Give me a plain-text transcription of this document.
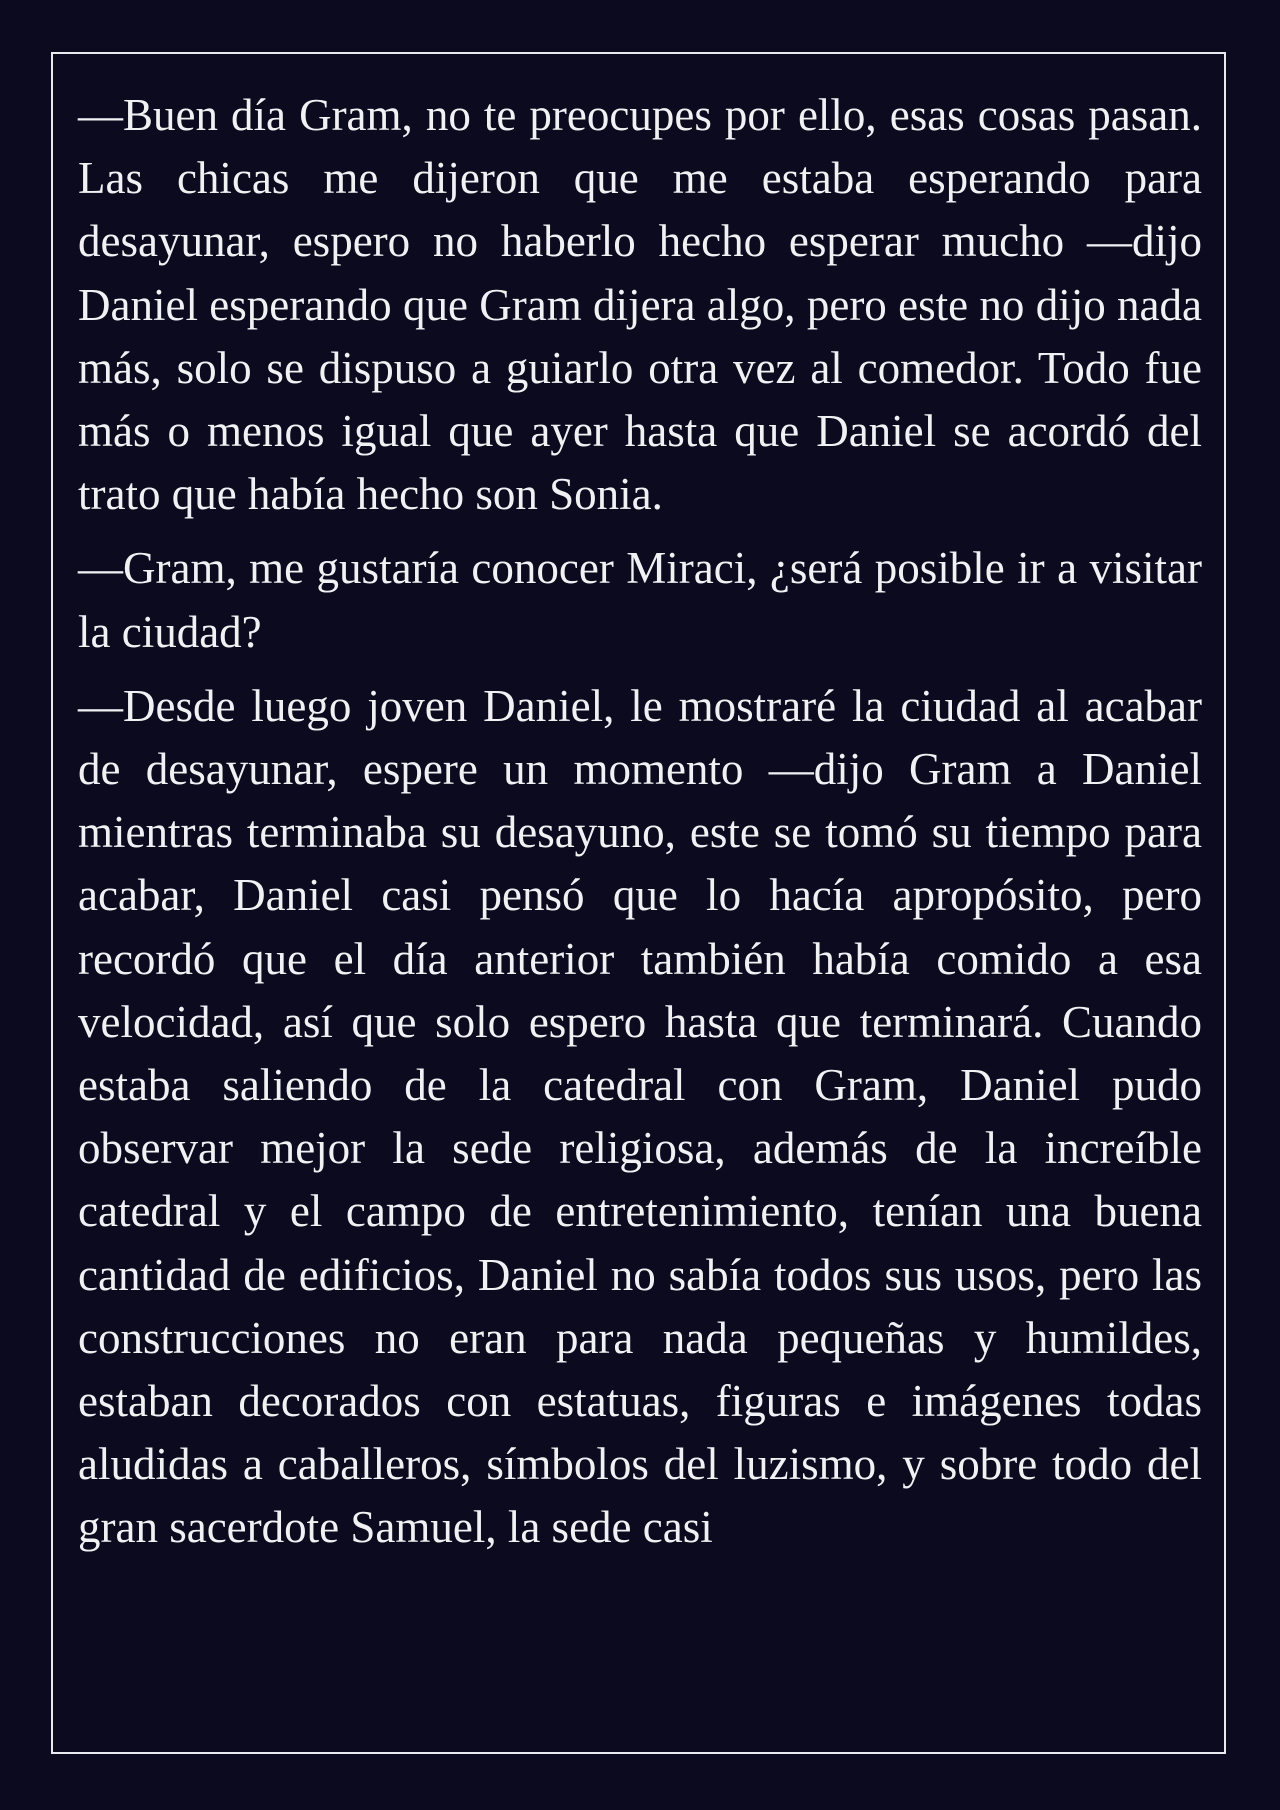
—Buen día Gram, no te preocupes por ello, esas cosas pasan. Las chicas me dijeron que me estaba esperando para desayunar, espero no haberlo hecho esperar mucho —dijo Daniel esperando que Gram dijera algo, pero este no dijo nada más, solo se dispuso a guiarlo otra vez al comedor. Todo fue más o menos igual que ayer hasta que Daniel se acordó del trato que había hecho son Sonia.

—Gram, me gustaría conocer Miraci, ¿será posible ir a visitar la ciudad?

—Desde luego joven Daniel, le mostraré la ciudad al acabar de desayunar, espere un momento —dijo Gram a Daniel mientras terminaba su desayuno, este se tomó su tiempo para acabar, Daniel casi pensó que lo hacía apropósito, pero recordó que el día anterior también había comido a esa velocidad, así que solo espero hasta que terminará. Cuando estaba saliendo de la catedral con Gram, Daniel pudo observar mejor la sede religiosa, además de la increíble catedral y el campo de entretenimiento, tenían una buena cantidad de edificios, Daniel no sabía todos sus usos, pero las construcciones no eran para nada pequeñas y humildes, estaban decorados con estatuas, figuras e imágenes todas aludidas a caballeros, símbolos del luzismo, y sobre todo del gran sacerdote Samuel, la sede casi
